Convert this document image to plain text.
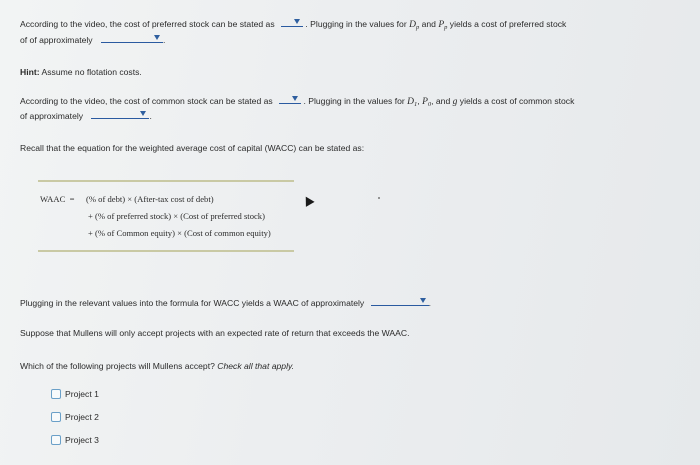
According to the video, the cost of preferred stock can be stated as	. Plugging in the values for $D_p$ and $P_p$ yields a cost of preferred stock
of of approximately	.
Hint: Assume no flotation costs.
According to the video, the cost of common stock can be stated as	. Plugging in the values for $D_1$, $P_0$, and g yields a cost of common stock
of approximately	.
Recall that the equation for the weighted average cost of capital (WACC) can be stated as:
WAAC = (% of debt) × (After-tax cost of debt)
+ (% of preferred stock) × (Cost of preferred stock)
+ (% of Common equity) × (Cost of common equity)
Plugging in the relevant values into the formula for WACC yields a WAAC of approximately	.
Suppose that Mullens will only accept projects with an expected rate of return that exceeds the WAAC.
Which of the following projects will Mullens accept? Check all that apply.
Project 1
Project 2
Project 3
